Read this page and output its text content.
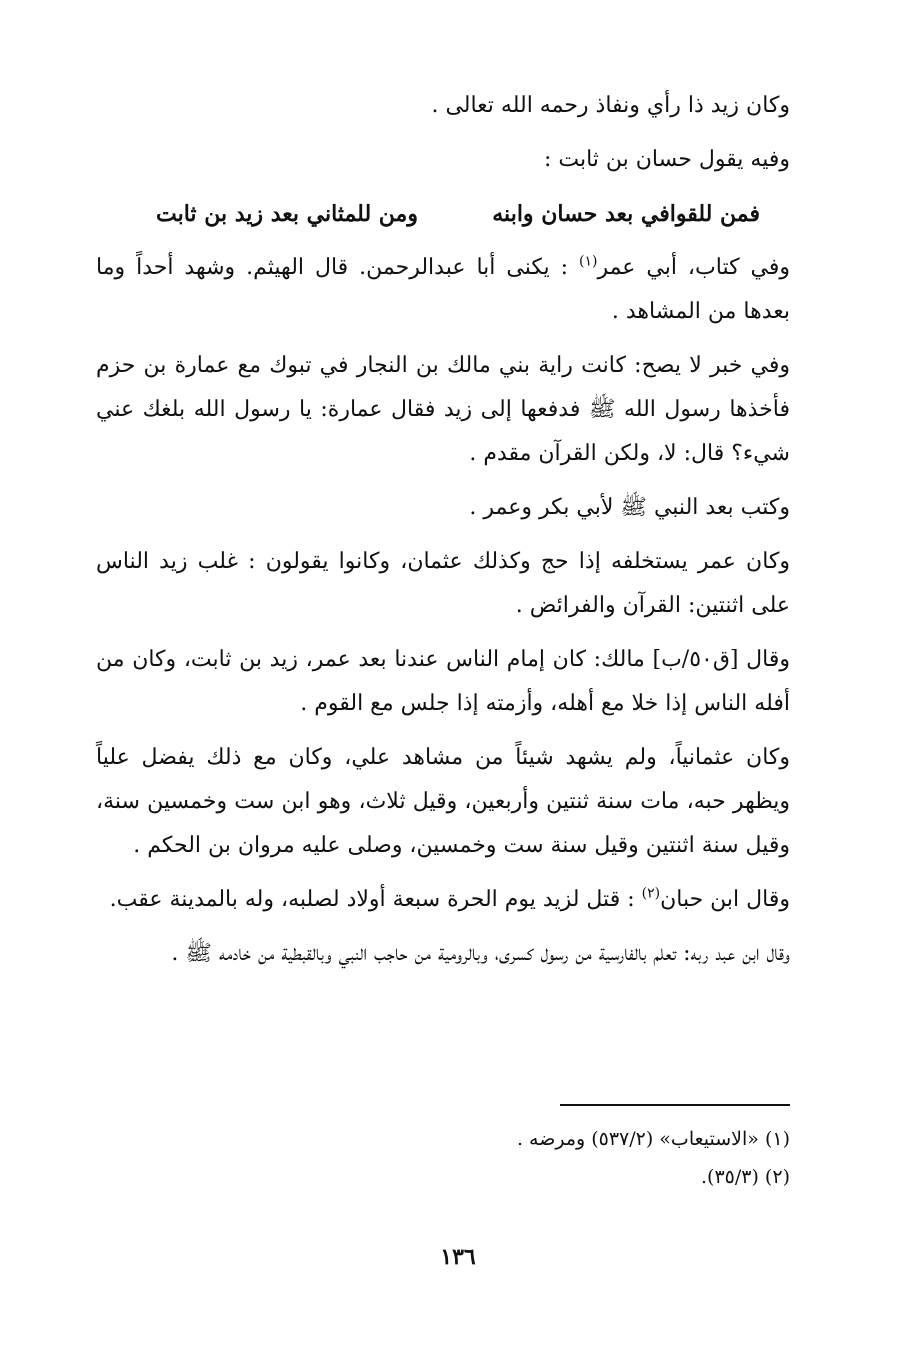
وكان زيد ذا رأي ونفاذ رحمه الله تعالى .

وفيه يقول حسان بن ثابت :

فمن للقوافي بعد حسان وابنه
ومن للمثاني بعد زيد بن ثابت

وفي كتاب، أبي عمر$^{(١)}$ : يكنى أبا عبدالرحمن. قال الهيثم. وشهد أحداً وما بعدها من المشاهد .

وفي خبر لا يصح: كانت راية بني مالك بن النجار في تبوك مع عمارة بن حزم فأخذها رسول الله ﷺ فدفعها إلى زيد فقال عمارة: يا رسول الله بلغك عني شيء؟ قال: لا، ولكن القرآن مقدم .

وكتب بعد النبي ﷺ لأبي بكر وعمر .

وكان عمر يستخلفه إذا حج وكذلك عثمان، وكانوا يقولون : غلب زيد الناس على اثنتين: القرآن والفرائض .

وقال [ق٥٠/ب] مالك: كان إمام الناس عندنا بعد عمر، زيد بن ثابت، وكان من أفله الناس إذا خلا مع أهله، وأزمته إذا جلس مع القوم .

وكان عثمانياً، ولم يشهد شيئاً من مشاهد علي، وكان مع ذلك يفضل علياً ويظهر حبه، مات سنة ثنتين وأربعين، وقيل ثلاث، وهو ابن ست وخمسين سنة، وقيل سنة اثنتين وقيل سنة ست وخمسين، وصلى عليه مروان بن الحكم .

وقال ابن حبان$^{(٢)}$ : قتل لزيد يوم الحرة سبعة أولاد لصلبه، وله بالمدينة عقب.

وقال ابن عبد ربه: تعلم بالفارسية من رسول كسرى، وبالرومية من حاجب النبي وبالقبطية من خادمه ﷺ .

(١) «الاستيعاب» (٥٣٧/٢) ومرضه .

(٢) (٣٥/٣).

١٣٦
